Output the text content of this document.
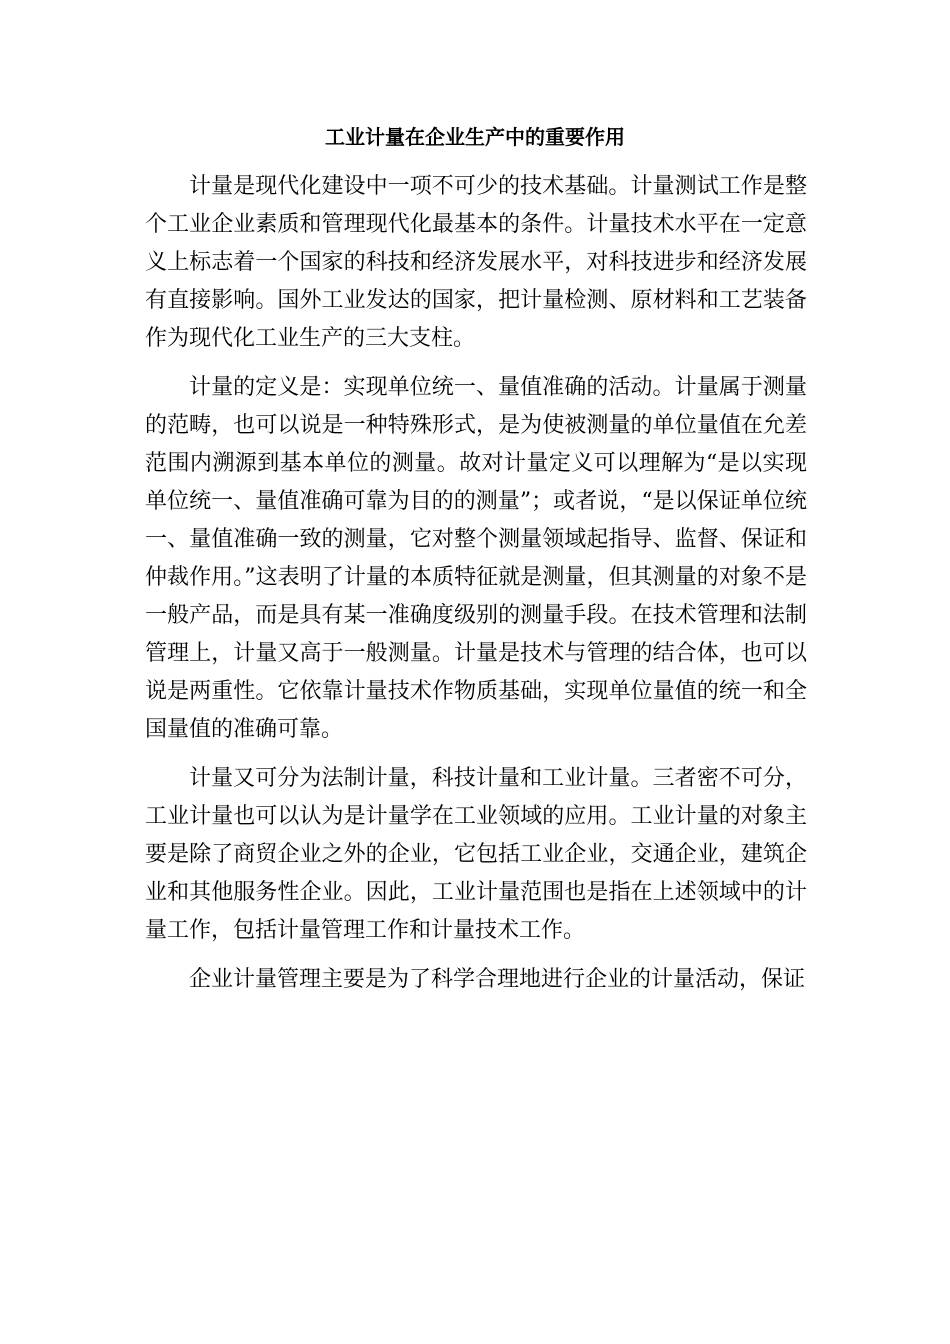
工业计量在企业生产中的重要作用

计量是现代化建设中一项不可少的技术基础。计量测试工作是整个工业企业素质和管理现代化最基本的条件。计量技术水平在一定意义上标志着一个国家的科技和经济发展水平，对科技进步和经济发展有直接影响。国外工业发达的国家，把计量检测、原材料和工艺装备作为现代化工业生产的三大支柱。

计量的定义是：实现单位统一、量值准确的活动。计量属于测量的范畴，也可以说是一种特殊形式，是为使被测量的单位量值在允差范围内溯源到基本单位的测量。故对计量定义可以理解为“是以实现单位统一、量值准确可靠为目的的测量”；或者说，“是以保证单位统一、量值准确一致的测量，它对整个测量领域起指导、监督、保证和仲裁作用。”这表明了计量的本质特征就是测量，但其测量的对象不是一般产品，而是具有某一准确度级别的测量手段。在技术管理和法制管理上，计量又高于一般测量。计量是技术与管理的结合体，也可以说是两重性。它依靠计量技术作物质基础，实现单位量值的统一和全国量值的准确可靠。

计量又可分为法制计量，科技计量和工业计量。三者密不可分，工业计量也可以认为是计量学在工业领域的应用。工业计量的对象主要是除了商贸企业之外的企业，它包括工业企业，交通企业，建筑企业和其他服务性企业。因此，工业计量范围也是指在上述领域中的计量工作，包括计量管理工作和计量技术工作。

企业计量管理主要是为了科学合理地进行企业的计量活动，保证
